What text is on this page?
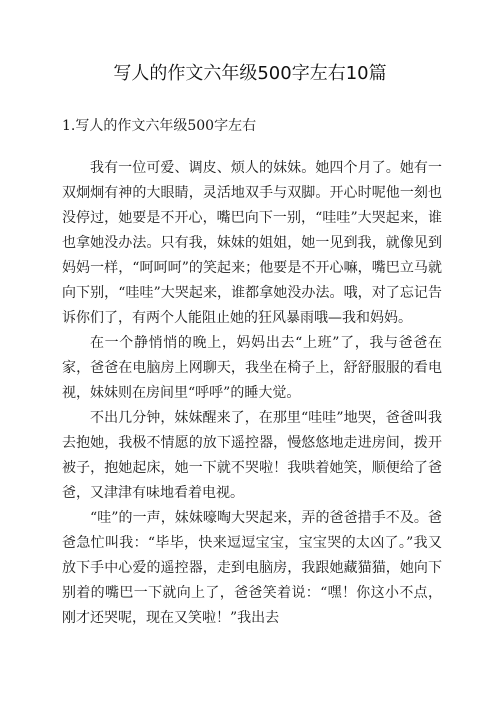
写人的作文六年级500字左右10篇
1.写人的作文六年级500字左右

我有一位可爱、调皮、烦人的妹妹。她四个月了。她有一双炯炯有神的大眼睛，灵活地双手与双脚。开心时呢他一刻也没停过，她要是不开心，嘴巴向下一别，“哇哇”大哭起来，谁也拿她没办法。只有我，妹妹的姐姐，她一见到我，就像见到妈妈一样，“呵呵呵”的笑起来；他要是不开心嘛，嘴巴立马就向下别，“哇哇”大哭起来，谁都拿她没办法。哦，对了忘记告诉你们了，有两个人能阻止她的狂风暴雨哦—我和妈妈。

在一个静悄悄的晚上，妈妈出去“上班”了，我与爸爸在家，爸爸在电脑房上网聊天，我坐在椅子上，舒舒服服的看电视，妹妹则在房间里“呼呼”的睡大觉。

不出几分钟，妹妹醒来了，在那里“哇哇”地哭，爸爸叫我去抱她，我极不情愿的放下遥控器，慢悠悠地走进房间，拨开被子，抱她起床，她一下就不哭啦！我哄着她笑，顺便给了爸爸，又津津有味地看着电视。

“哇”的一声，妹妹嚎啕大哭起来，弄的爸爸措手不及。爸爸急忙叫我：“毕毕，快来逗逗宝宝，宝宝哭的太凶了。”我又放下手中心爱的遥控器，走到电脑房，我跟她藏猫猫，她向下别着的嘴巴一下就向上了，爸爸笑着说：“嘿！你这小不点，刚才还哭呢，现在又笑啦！”我出去
